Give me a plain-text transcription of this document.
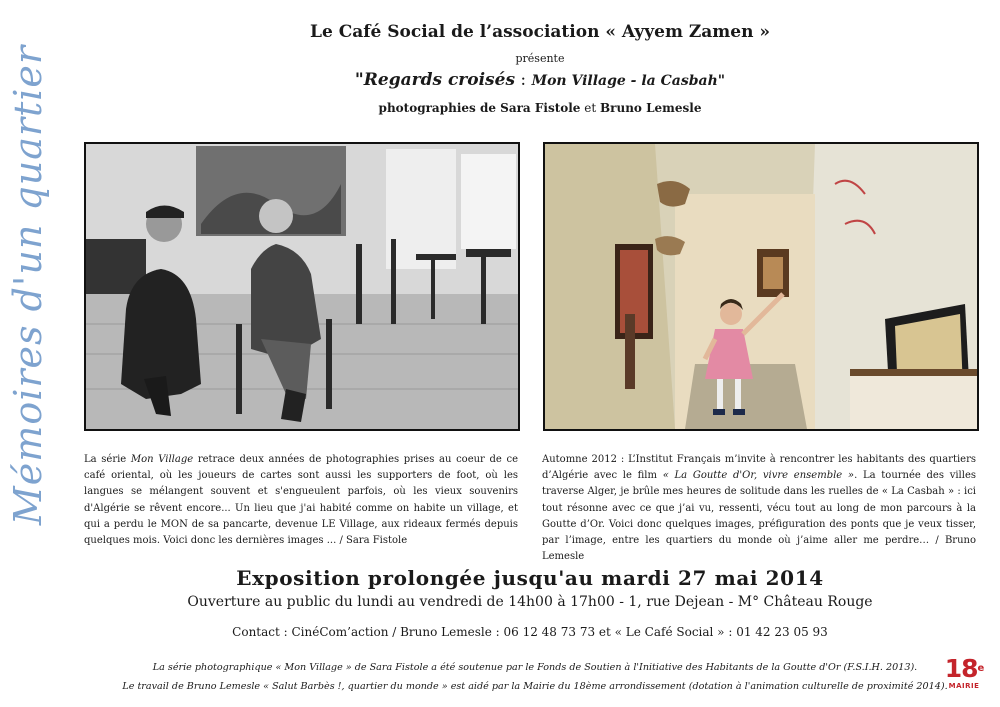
Mémoires d'un quartier
Le Café Social de l’association « Ayyem Zamen »
présente
"Regards croisés : Mon Village - la Casbah"
photographies de Sara Fistole et Bruno Lemesle
La série Mon Village retrace deux années de photographies prises au coeur de ce café oriental, où les joueurs de cartes sont aussi les supporters de foot, où les langues se mélangent souvent et s'engueulent parfois, où les vieux souvenirs d'Algérie se rêvent encore... Un lieu que j'ai habité comme on habite un village, et qui a perdu le MON de sa pancarte, devenue LE Village, aux rideaux fermés depuis quelques mois. Voici donc les dernières images ... / Sara Fistole
Automne 2012 : L’Institut Français m’invite à rencontrer les habitants des quartiers d’Algérie avec le film « La Goutte d'Or, vivre ensemble ». La tournée des villes traverse Alger, je brûle mes heures de solitude dans les ruelles de « La Casbah » : ici tout résonne avec ce que j’ai vu, ressenti, vécu tout au long de mon parcours à la Goutte d’Or. Voici donc quelques images, préfiguration des ponts que je veux tisser, par l’image, entre les quartiers du monde où j’aime aller me perdre… / Bruno Lemesle
Exposition prolongée jusqu'au mardi 27 mai 2014
Ouverture au public du lundi au vendredi de 14h00 à 17h00 - 1, rue Dejean - M° Château Rouge
Contact : CinéCom’action / Bruno Lemesle : 06 12 48 73 73 et « Le Café Social » : 01 42 23 05 93
La série photographique « Mon Village » de Sara Fistole a été soutenue par le Fonds de Soutien à l'Initiative des Habitants de la Goutte d'Or (F.S.I.H. 2013).
Le travail de Bruno Lemesle « Salut Barbès !, quartier du monde » est aidé par la Mairie du 18ème arrondissement (dotation à l'animation culturelle de proximité 2014).
18e
MAIRIE
